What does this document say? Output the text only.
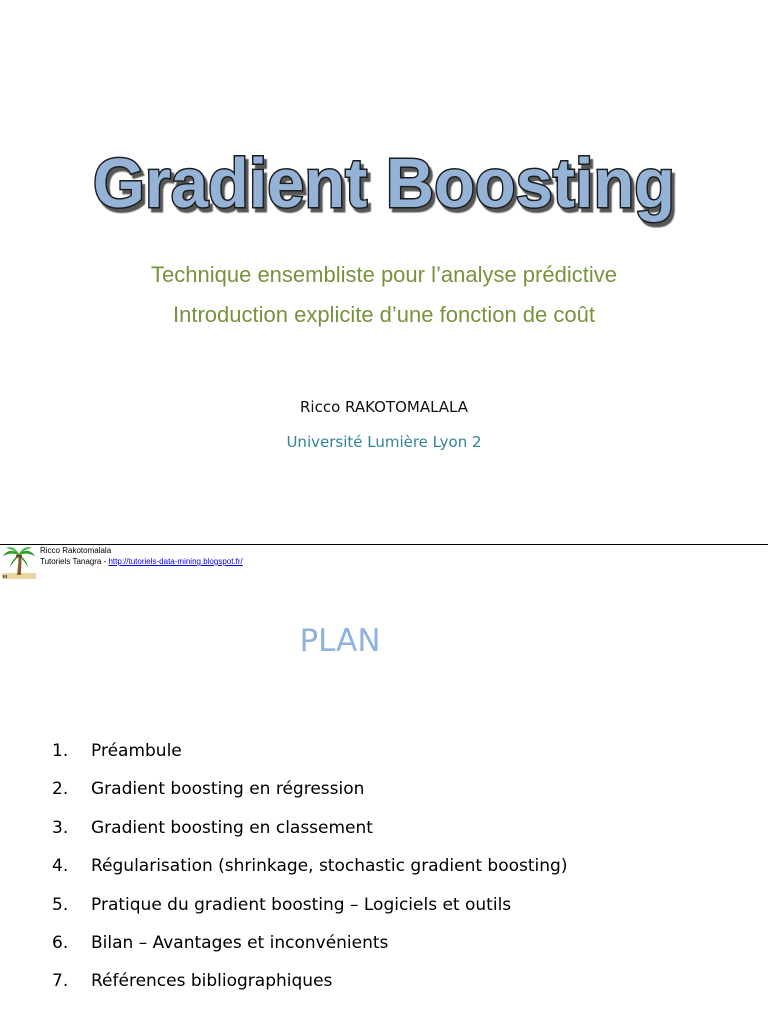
Gradient Boosting
Technique ensembliste pour l’analyse prédictive
Introduction explicite d’une fonction de coût
Ricco RAKOTOMALALA
Université Lumière Lyon 2
Ricco Rakotomalala
Tutoriels Tanagra - http://tutoriels-data-mining.blogspot.fr/
PLAN
1. Préambule
2. Gradient boosting en régression
3. Gradient boosting en classement
4. Régularisation (shrinkage, stochastic gradient boosting)
5. Pratique du gradient boosting – Logiciels et outils
6. Bilan – Avantages et inconvénients
7. Références bibliographiques
